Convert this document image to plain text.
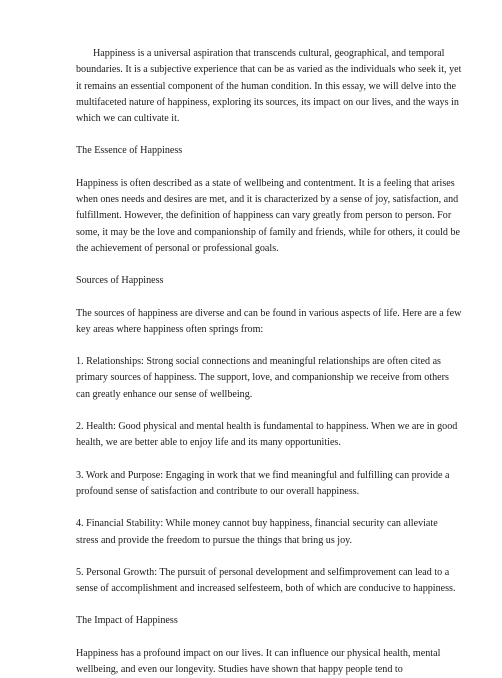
Happiness is a universal aspiration that transcends cultural, geographical, and temporal boundaries. It is a subjective experience that can be as varied as the individuals who seek it, yet it remains an essential component of the human condition. In this essay, we will delve into the multifaceted nature of happiness, exploring its sources, its impact on our lives, and the ways in which we can cultivate it.

The Essence of Happiness

Happiness is often described as a state of wellbeing and contentment. It is a feeling that arises when ones needs and desires are met, and it is characterized by a sense of joy, satisfaction, and fulfillment. However, the definition of happiness can vary greatly from person to person. For some, it may be the love and companionship of family and friends, while for others, it could be the achievement of personal or professional goals.

Sources of Happiness

The sources of happiness are diverse and can be found in various aspects of life. Here are a few key areas where happiness often springs from:

1. Relationships: Strong social connections and meaningful relationships are often cited as primary sources of happiness. The support, love, and companionship we receive from others can greatly enhance our sense of wellbeing.

2. Health: Good physical and mental health is fundamental to happiness. When we are in good health, we are better able to enjoy life and its many opportunities.

3. Work and Purpose: Engaging in work that we find meaningful and fulfilling can provide a profound sense of satisfaction and contribute to our overall happiness.

4. Financial Stability: While money cannot buy happiness, financial security can alleviate stress and provide the freedom to pursue the things that bring us joy.

5. Personal Growth: The pursuit of personal development and selfimprovement can lead to a sense of accomplishment and increased selfesteem, both of which are conducive to happiness.

The Impact of Happiness

Happiness has a profound impact on our lives. It can influence our physical health, mental wellbeing, and even our longevity. Studies have shown that happy people tend to
